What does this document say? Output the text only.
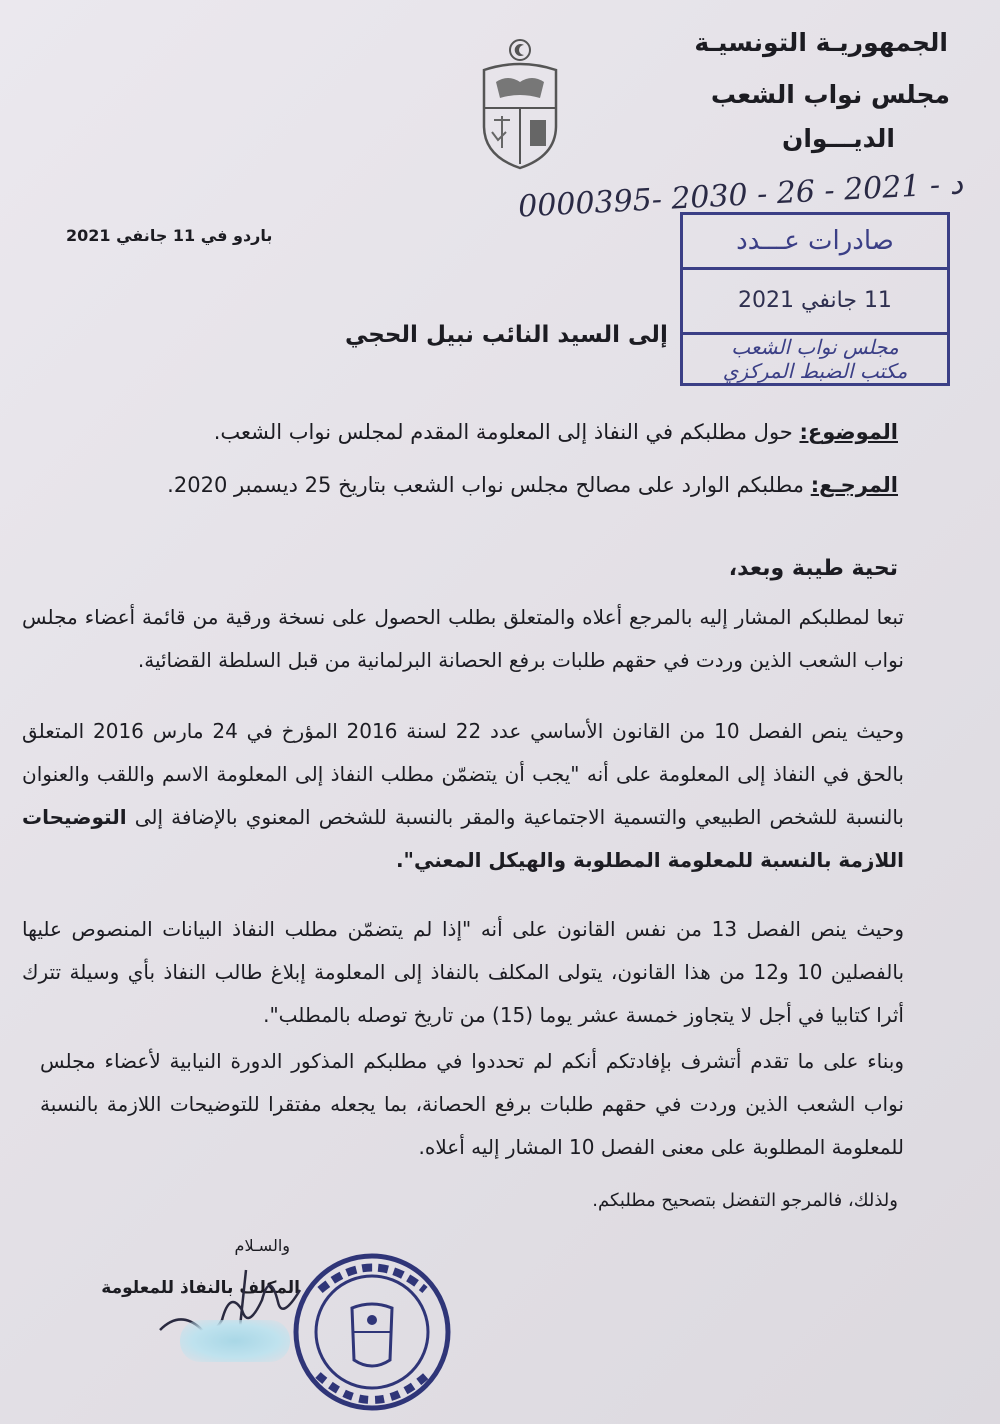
الجمهوريـة التونسيـة
مجلس نواب الشعب
الديـــوان
0000395- 2030 - 26 - 2021 - د
صادرات عـــدد
11 جانفي 2021
مجلس نواب الشعب
مكتب الضبط المركزي
باردو في 11 جانفي 2021
إلى السيد النائب نبيل الحجي
الموضوع: حول مطلبكم في النفاذ إلى المعلومة المقدم لمجلس نواب الشعب.
المرجـع: مطلبكم الوارد على مصالح مجلس نواب الشعب بتاريخ 25 ديسمبر 2020.
تحية طيبة وبعد،
تبعا لمطلبكم المشار إليه بالمرجع أعلاه والمتعلق بطلب الحصول على نسخة ورقية من قائمة أعضاء مجلس نواب الشعب الذين وردت في حقهم طلبات برفع الحصانة البرلمانية من قبل السلطة القضائية.
وحيث ينص الفصل 10 من القانون الأساسي عدد 22 لسنة 2016 المؤرخ في 24 مارس 2016 المتعلق بالحق في النفاذ إلى المعلومة على أنه "يجب أن يتضمّن مطلب النفاذ إلى المعلومة الاسم واللقب والعنوان بالنسبة للشخص الطبيعي والتسمية الاجتماعية والمقر بالنسبة للشخص المعنوي بالإضافة إلى التوضيحات اللازمة بالنسبة للمعلومة المطلوبة والهيكل المعني".
وحيث ينص الفصل 13 من نفس القانون على أنه "إذا لم يتضمّن مطلب النفاذ البيانات المنصوص عليها بالفصلين 10 و12 من هذا القانون، يتولى المكلف بالنفاذ إلى المعلومة إبلاغ طالب النفاذ بأي وسيلة تترك أثرا كتابيا في أجل لا يتجاوز خمسة عشر يوما (15) من تاريخ توصله بالمطلب".
وبناء على ما تقدم أتشرف بإفادتكم أنكم لم تحددوا في مطلبكم المذكور الدورة النيابية لأعضاء مجلس نواب الشعب الذين وردت في حقهم طلبات برفع الحصانة، بما يجعله مفتقرا للتوضيحات اللازمة بالنسبة للمعلومة المطلوبة على معنى الفصل 10 المشار إليه أعلاه.
ولذلك، فالمرجو التفضل بتصحيح مطلبكم.
والسـلام
المكلف بالنفاذ للمعلومة
